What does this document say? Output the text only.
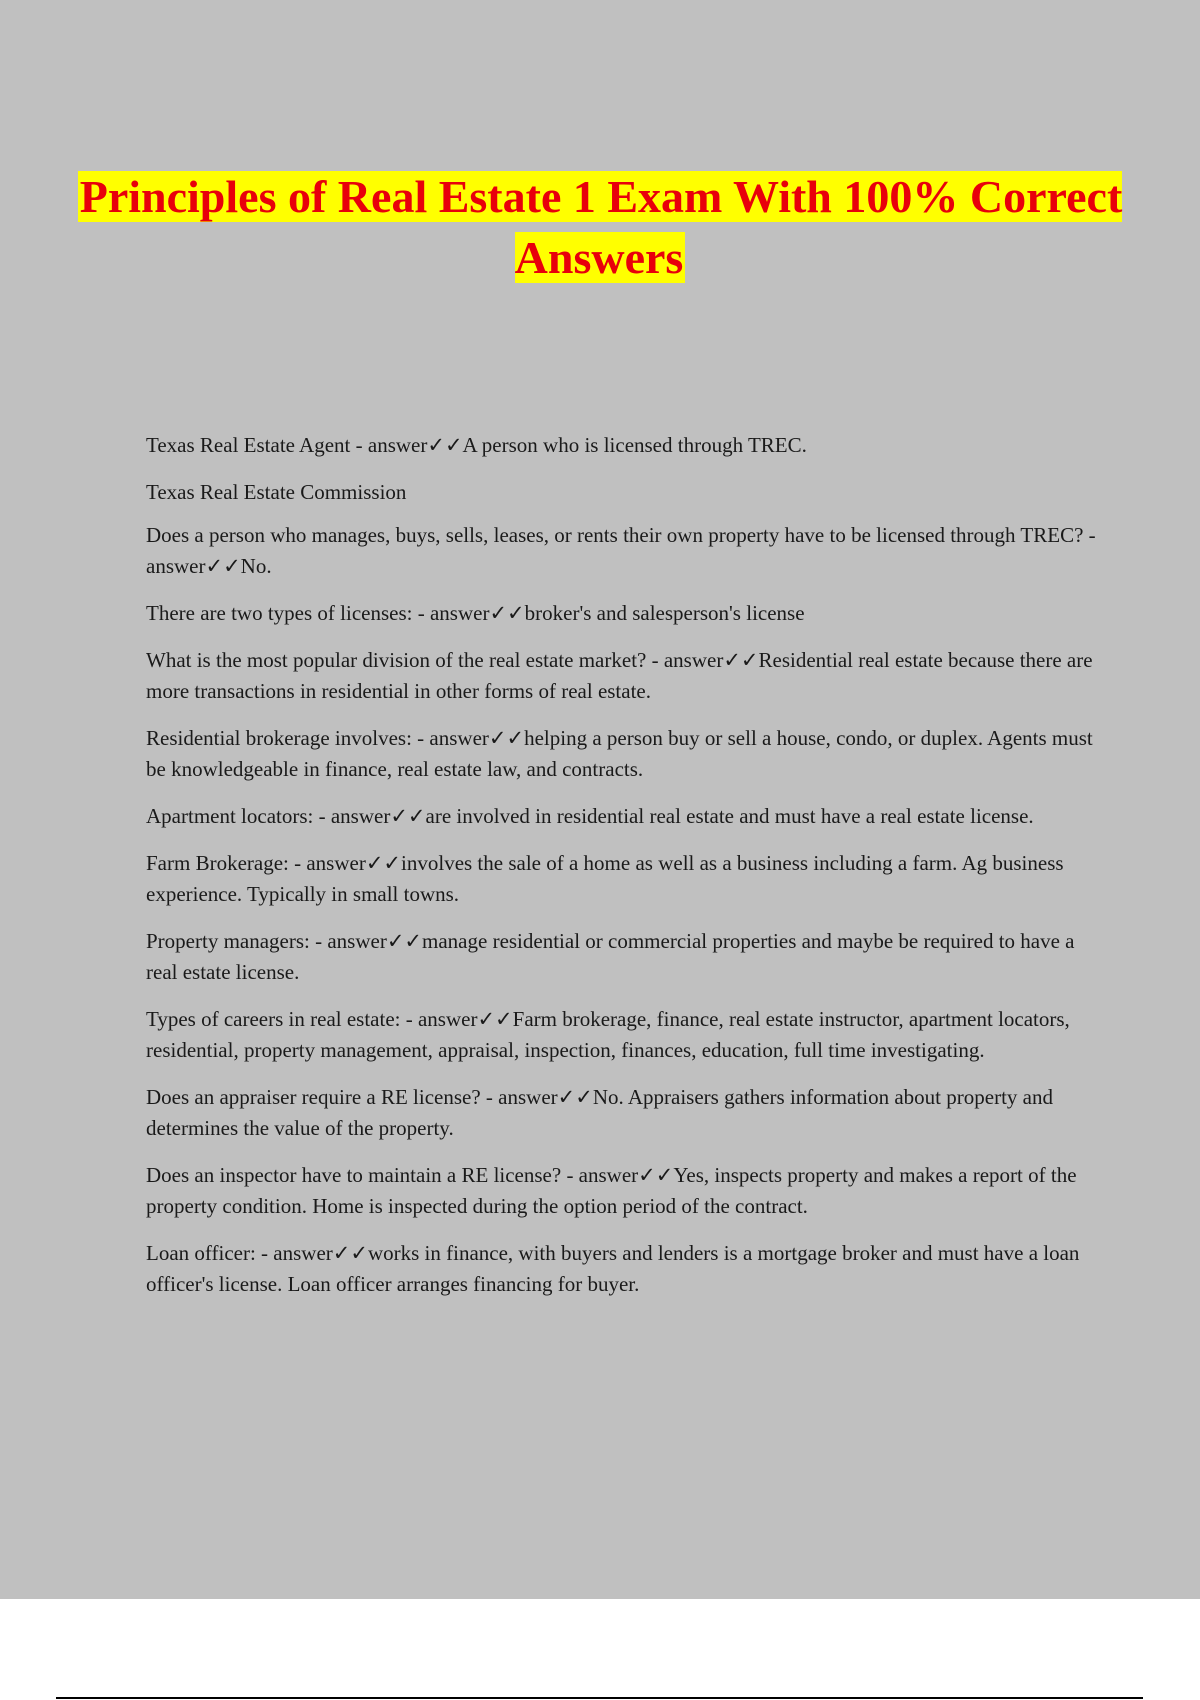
Principles of Real Estate 1 Exam With 100% Correct Answers

Texas Real Estate Agent - answer✓✓A person who is licensed through TREC.

Texas Real Estate Commission

Does a person who manages, buys, sells, leases, or rents their own property have to be licensed through TREC? - answer✓✓No.

There are two types of licenses: - answer✓✓broker's and salesperson's license

What is the most popular division of the real estate market? - answer✓✓Residential real estate because there are more transactions in residential in other forms of real estate.

Residential brokerage involves: - answer✓✓helping a person buy or sell a house, condo, or duplex. Agents must be knowledgeable in finance, real estate law, and contracts.

Apartment locators: - answer✓✓are involved in residential real estate and must have a real estate license.

Farm Brokerage: - answer✓✓involves the sale of a home as well as a business including a farm. Ag business experience. Typically in small towns.

Property managers: - answer✓✓manage residential or commercial properties and maybe be required to have a real estate license.

Types of careers in real estate: - answer✓✓Farm brokerage, finance, real estate instructor, apartment locators, residential, property management, appraisal, inspection, finances, education, full time investigating.

Does an appraiser require a RE license? - answer✓✓No. Appraisers gathers information about property and determines the value of the property.

Does an inspector have to maintain a RE license? - answer✓✓Yes, inspects property and makes a report of the property condition. Home is inspected during the option period of the contract.

Loan officer: - answer✓✓works in finance, with buyers and lenders is a mortgage broker and must have a loan officer's license. Loan officer arranges financing for buyer.
